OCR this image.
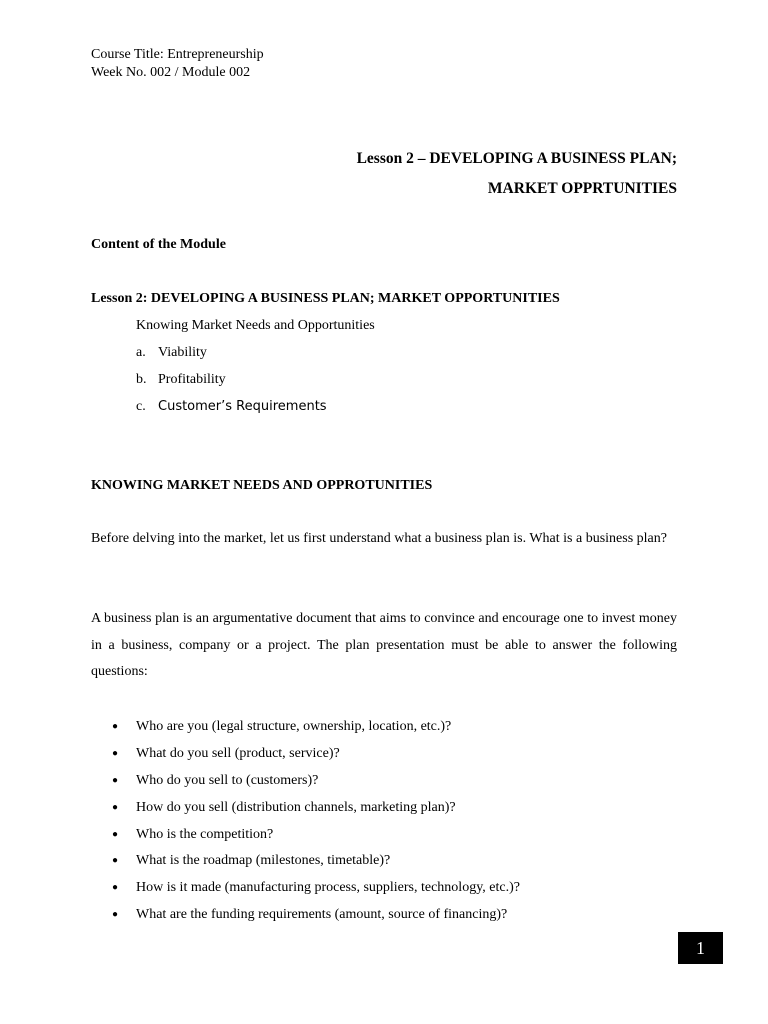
Course Title: Entrepreneurship
Week No. 002 / Module 002
Lesson 2 – DEVELOPING A BUSINESS PLAN;
MARKET OPPRTUNITIES
Content of the Module
Lesson 2: DEVELOPING A BUSINESS PLAN; MARKET OPPORTUNITIES
Knowing Market Needs and Opportunities
a. Viability
b. Profitability
c. Customer’s Requirements
KNOWING MARKET NEEDS AND OPPROTUNITIES
Before delving into the market, let us first understand what a business plan is. What is a business plan?
A business plan is an argumentative document that aims to convince and encourage one to invest money in a business, company or a project. The plan presentation must be able to answer the following questions:
● Who are you (legal structure, ownership, location, etc.)?
● What do you sell (product, service)?
● Who do you sell to (customers)?
● How do you sell (distribution channels, marketing plan)?
● Who is the competition?
● What is the roadmap (milestones, timetable)?
● How is it made (manufacturing process, suppliers, technology, etc.)?
● What are the funding requirements (amount, source of financing)?
1
